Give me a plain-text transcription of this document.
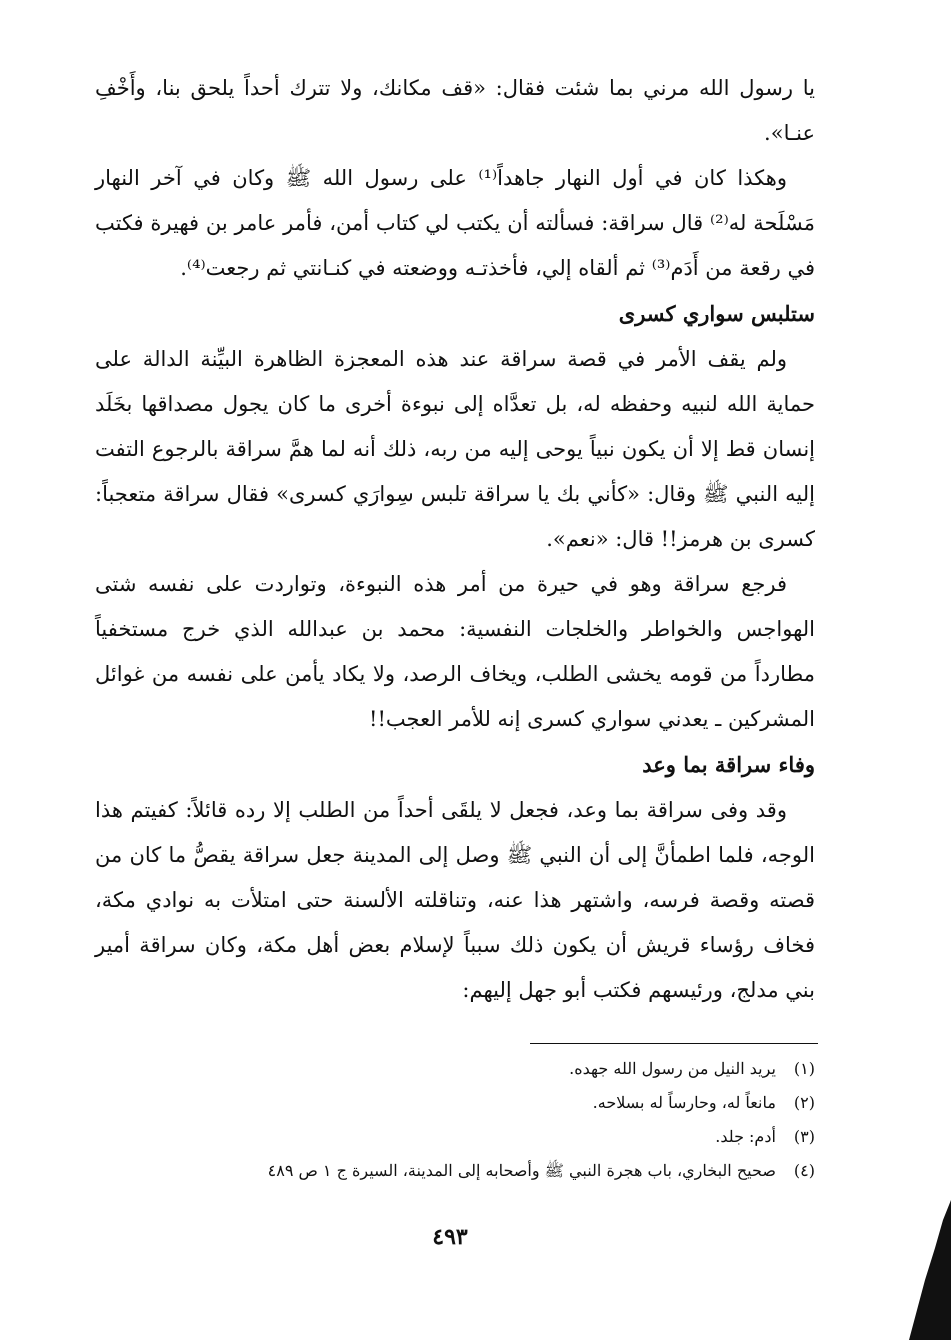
يا رسول الله مرني بما شئت فقال: «قف مكانك، ولا تترك أحداً يلحق بنا، وأَخْفِ عنـا».

وهكذا كان في أول النهار جاهداً⁽¹⁾ على رسول الله ﷺ وكان في آخر النهار مَسْلَحة له⁽²⁾ قال سراقة: فسألته أن يكتب لي كتاب أمن، فأمر عامر بن فهيرة فكتب في رقعة من أَدَم⁽³⁾ ثم ألقاه إلي، فأخذتـه ووضعته في كنـانتي ثم رجعت⁽⁴⁾.

ستلبس سواري كسرى

ولم يقف الأمر في قصة سراقة عند هذه المعجزة الظاهرة البيِّنة الدالة على حماية الله لنبيه وحفظه له، بل تعدَّاه إلى نبوءة أخرى ما كان يجول مصداقها بخَلَد إنسان قط إلا أن يكون نبياً يوحى إليه من ربه، ذلك أنه لما همَّ سراقة بالرجوع التفت إليه النبي ﷺ وقال: «كأني بك يا سراقة تلبس سِوارَي كسرى» فقال سراقة متعجباً: كسرى بن هرمز!! قال: «نعم».

فرجع سراقة وهو في حيرة من أمر هذه النبوءة، وتواردت على نفسه شتى الهواجس والخواطر والخلجات النفسية: محمد بن عبدالله الذي خرج مستخفياً مطارداً من قومه يخشى الطلب، ويخاف الرصد، ولا يكاد يأمن على نفسه من غوائل المشركين ـ يعدني سواري كسرى إنه للأمر العجب!!

وفاء سراقة بما وعد

وقد وفى سراقة بما وعد، فجعل لا يلقَى أحداً من الطلب إلا رده قائلاً: كفيتم هذا الوجه، فلما اطمأنَّ إلى أن النبي ﷺ وصل إلى المدينة جعل سراقة يقصُّ ما كان من قصته وقصة فرسه، واشتهر هذا عنه، وتناقلته الألسنة حتى امتلأت به نوادي مكة، فخاف رؤساء قريش أن يكون ذلك سبباً لإسلام بعض أهل مكة، وكان سراقة أمير بني مدلج، ورئيسهم فكتب أبو جهل إليهم:

(١) يريد النيل من رسول الله جهده.

(٢) مانعاً له، وحارساً له بسلاحه.

(٣) أدم: جلد.

(٤) صحيح البخاري، باب هجرة النبي ﷺ وأصحابه إلى المدينة، السيرة ج ١ ص ٤٨٩

٤٩٣
